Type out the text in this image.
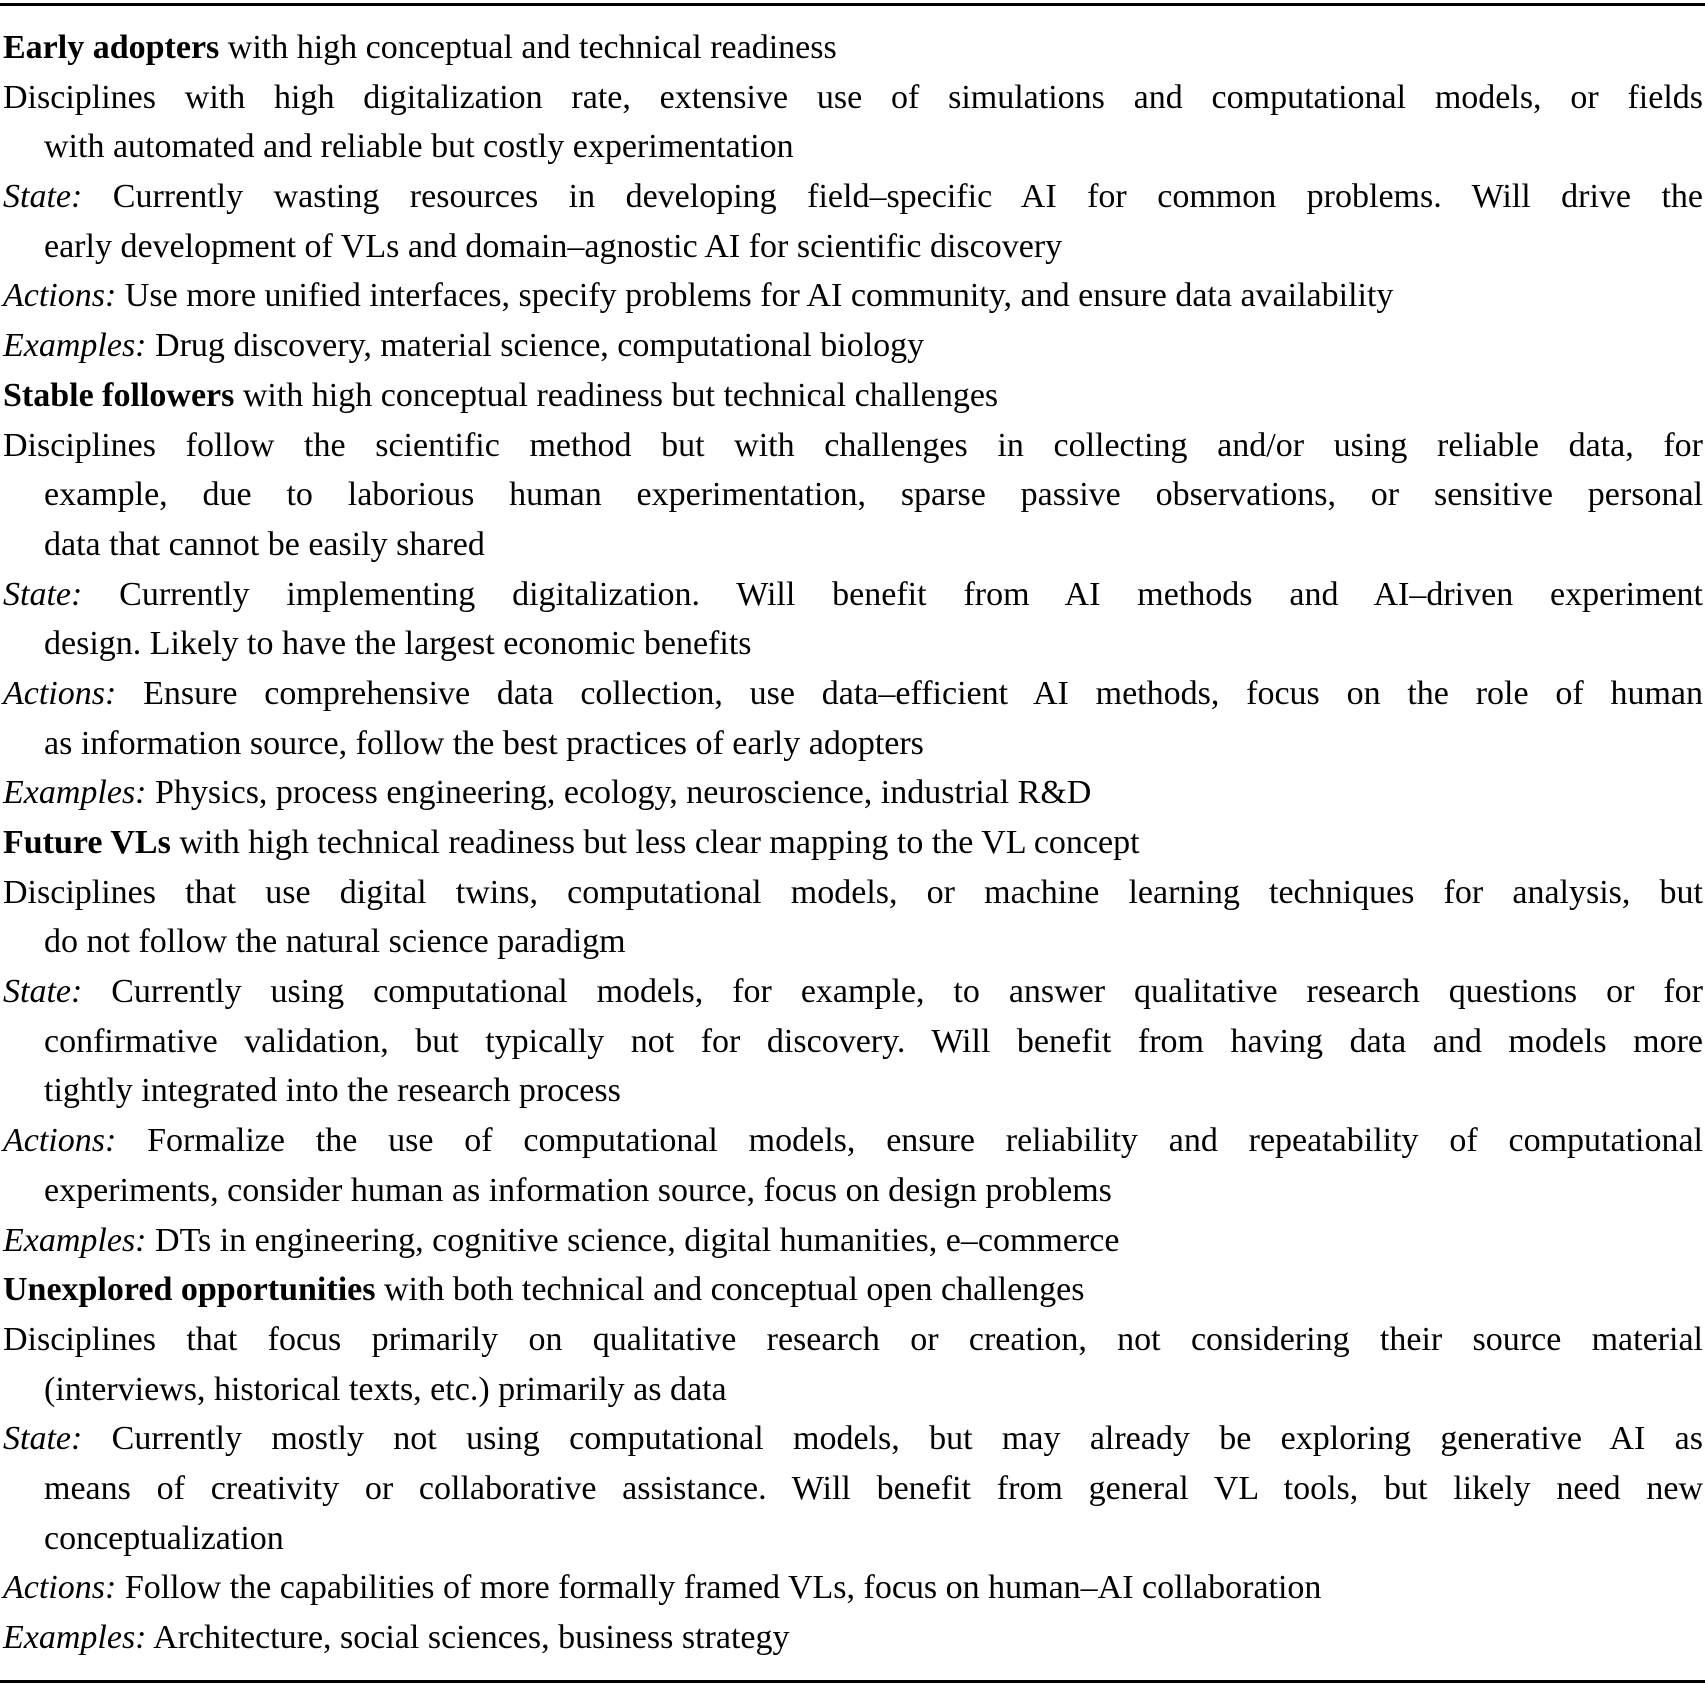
Early adopters with high conceptual and technical readiness
Disciplines with high digitalization rate, extensive use of simulations and computational models, or fields
with automated and reliable but costly experimentation
State: Currently wasting resources in developing field–specific AI for common problems. Will drive the
early development of VLs and domain–agnostic AI for scientific discovery
Actions: Use more unified interfaces, specify problems for AI community, and ensure data availability
Examples: Drug discovery, material science, computational biology
Stable followers with high conceptual readiness but technical challenges
Disciplines follow the scientific method but with challenges in collecting and/or using reliable data, for
example, due to laborious human experimentation, sparse passive observations, or sensitive personal
data that cannot be easily shared
State: Currently implementing digitalization. Will benefit from AI methods and AI–driven experiment
design. Likely to have the largest economic benefits
Actions: Ensure comprehensive data collection, use data–efficient AI methods, focus on the role of human
as information source, follow the best practices of early adopters
Examples: Physics, process engineering, ecology, neuroscience, industrial R&D
Future VLs with high technical readiness but less clear mapping to the VL concept
Disciplines that use digital twins, computational models, or machine learning techniques for analysis, but
do not follow the natural science paradigm
State: Currently using computational models, for example, to answer qualitative research questions or for
confirmative validation, but typically not for discovery. Will benefit from having data and models more
tightly integrated into the research process
Actions: Formalize the use of computational models, ensure reliability and repeatability of computational
experiments, consider human as information source, focus on design problems
Examples: DTs in engineering, cognitive science, digital humanities, e–commerce
Unexplored opportunities with both technical and conceptual open challenges
Disciplines that focus primarily on qualitative research or creation, not considering their source material
(interviews, historical texts, etc.) primarily as data
State: Currently mostly not using computational models, but may already be exploring generative AI as
means of creativity or collaborative assistance. Will benefit from general VL tools, but likely need new
conceptualization
Actions: Follow the capabilities of more formally framed VLs, focus on human–AI collaboration
Examples: Architecture, social sciences, business strategy
